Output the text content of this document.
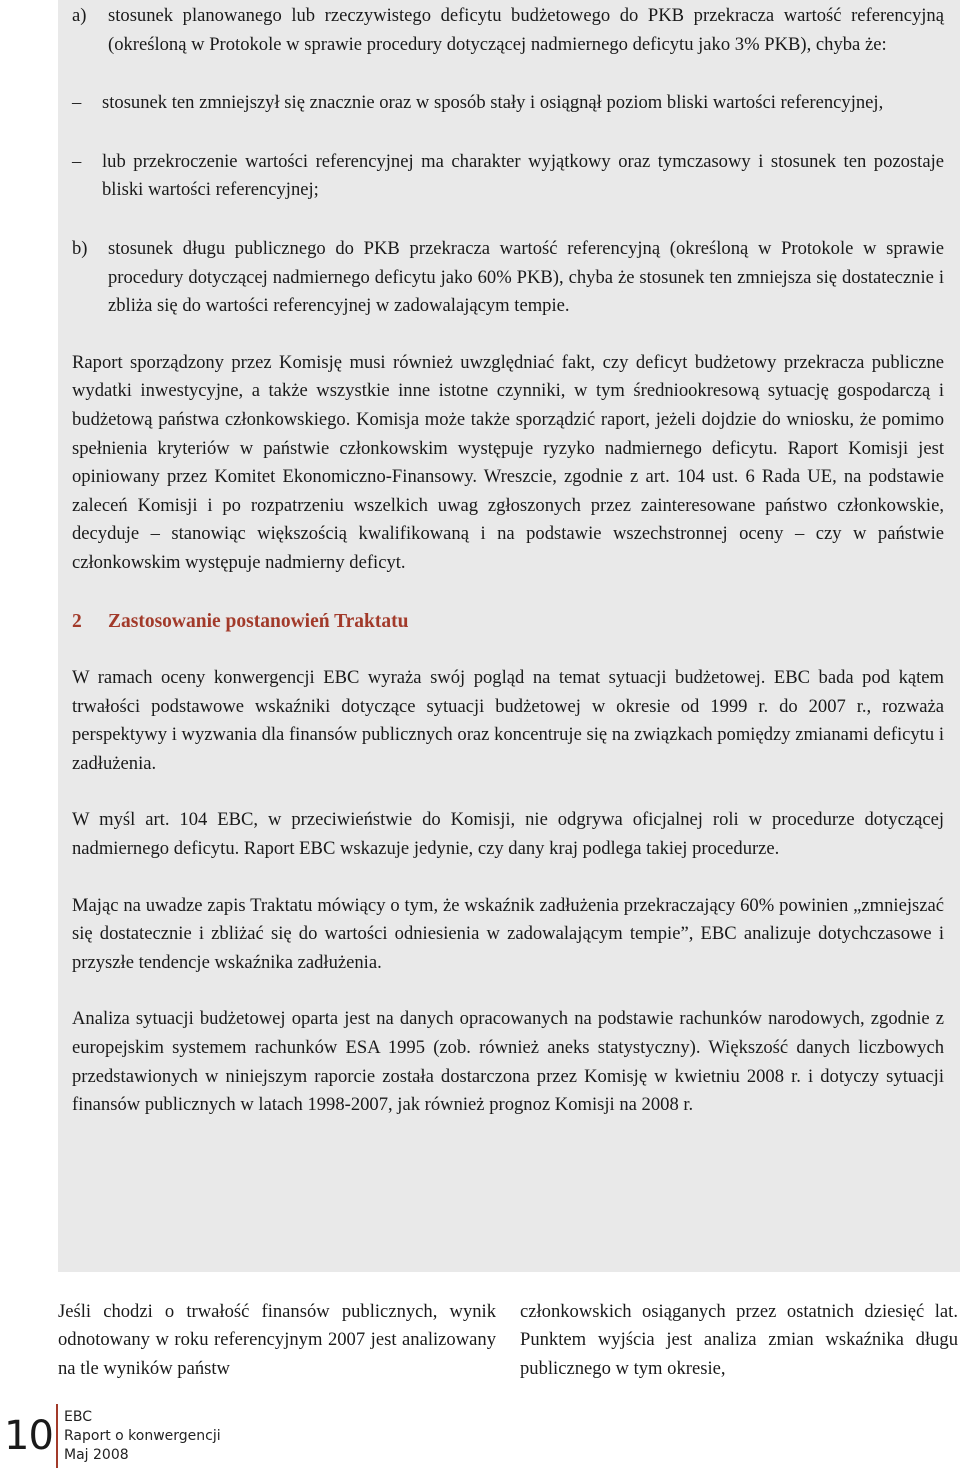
a)	stosunek planowanego lub rzeczywistego deficytu budżetowego do PKB przekracza wartość referencyjną (określoną w Protokole w sprawie procedury dotyczącej nadmiernego deficytu jako 3% PKB), chyba że:
–	stosunek ten zmniejszył się znacznie oraz w sposób stały i osiągnął poziom bliski wartości referencyjnej,
–	lub przekroczenie wartości referencyjnej ma charakter wyjątkowy oraz tymczasowy i stosunek ten pozostaje bliski wartości referencyjnej;
b)	stosunek długu publicznego do PKB przekracza wartość referencyjną (określoną w Protokole w sprawie procedury dotyczącej nadmiernego deficytu jako 60% PKB), chyba że stosunek ten zmniejsza się dostatecznie i zbliża się do wartości referencyjnej w zadowalającym tempie.

Raport sporządzony przez Komisję musi również uwzględniać fakt, czy deficyt budżetowy przekracza publiczne wydatki inwestycyjne, a także wszystkie inne istotne czynniki, w tym średniookresową sytuację gospodarczą i budżetową państwa członkowskiego. Komisja może także sporządzić raport, jeżeli dojdzie do wniosku, że pomimo spełnienia kryteriów w państwie członkowskim występuje ryzyko nadmiernego deficytu. Raport Komisji jest opiniowany przez Komitet Ekonomiczno-Finansowy. Wreszcie, zgodnie z art. 104 ust. 6 Rada UE, na podstawie zaleceń Komisji i po rozpatrzeniu wszelkich uwag zgłoszonych przez zainteresowane państwo członkowskie, decyduje – stanowiąc większością kwalifikowaną i na podstawie wszechstronnej oceny – czy w państwie członkowskim występuje nadmierny deficyt.

2	Zastosowanie postanowień Traktatu

W ramach oceny konwergencji EBC wyraża swój pogląd na temat sytuacji budżetowej. EBC bada pod kątem trwałości podstawowe wskaźniki dotyczące sytuacji budżetowej w okresie od 1999 r. do 2007 r., rozważa perspektywy i wyzwania dla finansów publicznych oraz koncentruje się na związkach pomiędzy zmianami deficytu i zadłużenia.

W myśl art. 104 EBC, w przeciwieństwie do Komisji, nie odgrywa oficjalnej roli w procedurze dotyczącej nadmiernego deficytu. Raport EBC wskazuje jedynie, czy dany kraj podlega takiej procedurze.

Mając na uwadze zapis Traktatu mówiący o tym, że wskaźnik zadłużenia przekraczający 60% powinien „zmniejszać się dostatecznie i zbliżać się do wartości odniesienia w zadowalającym tempie”, EBC analizuje dotychczasowe i przyszłe tendencje wskaźnika zadłużenia.

Analiza sytuacji budżetowej oparta jest na danych opracowanych na podstawie rachunków narodowych, zgodnie z europejskim systemem rachunków ESA 1995 (zob. również aneks statystyczny). Większość danych liczbowych przedstawionych w niniejszym raporcie została dostarczona przez Komisję w kwietniu 2008 r. i dotyczy sytuacji finansów publicznych w latach 1998-2007, jak również prognoz Komisji na 2008 r.

Jeśli chodzi o trwałość finansów publicznych, wynik odnotowany w roku referencyjnym 2007 jest analizowany na tle wyników państw
członkowskich osiąganych przez ostatnich dziesięć lat. Punktem wyjścia jest analiza zmian wskaźnika długu publicznego w tym okresie,
10 EBC
Raport o konwergencji
Maj 2008
